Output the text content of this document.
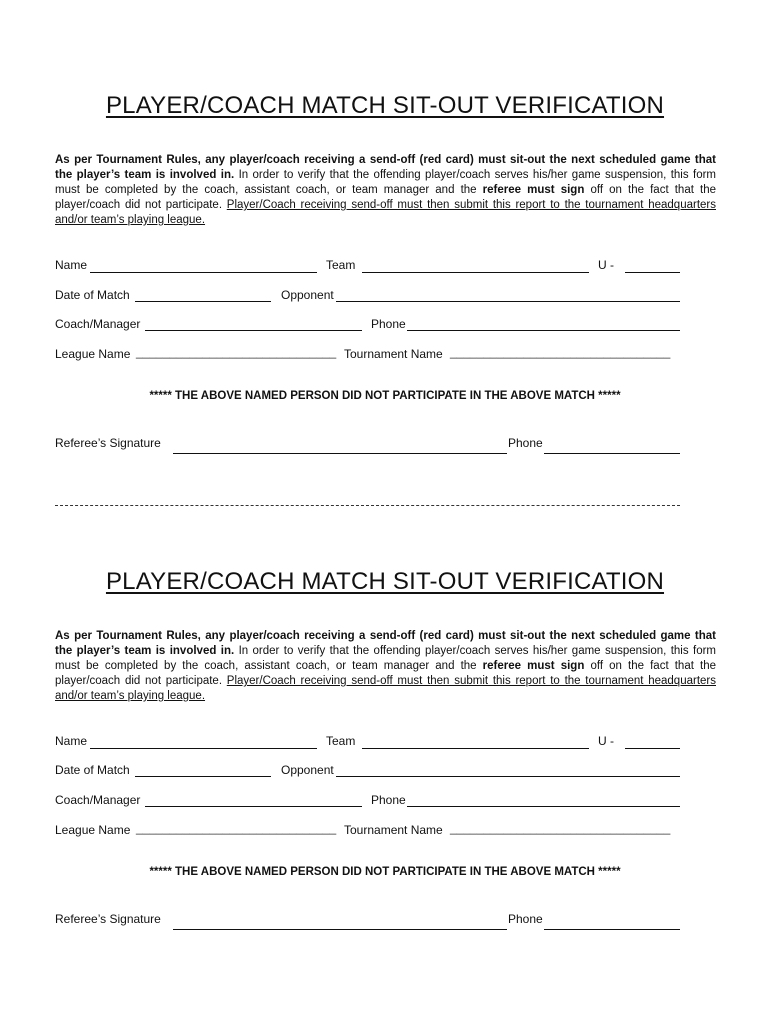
PLAYER/COACH MATCH SIT-OUT VERIFICATION

As per Tournament Rules, any player/coach receiving a send-off (red card) must sit-out the next scheduled game that the player’s team is involved in. In order to verify that the offending player/coach serves his/her game suspension, this form must be completed by the coach, assistant coach, or team manager and the referee must sign off on the fact that the player/coach did not participate. Player/Coach receiving send-off must then submit this report to the tournament headquarters and/or team’s playing league.

Name	Team	U -
Date of Match	Opponent
Coach/Manager	Phone
League Name ______________________________ Tournament Name _________________________________
***** THE ABOVE NAMED PERSON DID NOT PARTICIPATE IN THE ABOVE MATCH *****
Referee’s Signature	Phone
PLAYER/COACH MATCH SIT-OUT VERIFICATION

As per Tournament Rules, any player/coach receiving a send-off (red card) must sit-out the next scheduled game that the player’s team is involved in. In order to verify that the offending player/coach serves his/her game suspension, this form must be completed by the coach, assistant coach, or team manager and the referee must sign off on the fact that the player/coach did not participate. Player/Coach receiving send-off must then submit this report to the tournament headquarters and/or team’s playing league.

Name	Team	U -
Date of Match	Opponent
Coach/Manager	Phone
League Name ______________________________ Tournament Name _________________________________
***** THE ABOVE NAMED PERSON DID NOT PARTICIPATE IN THE ABOVE MATCH *****
Referee’s Signature	Phone
